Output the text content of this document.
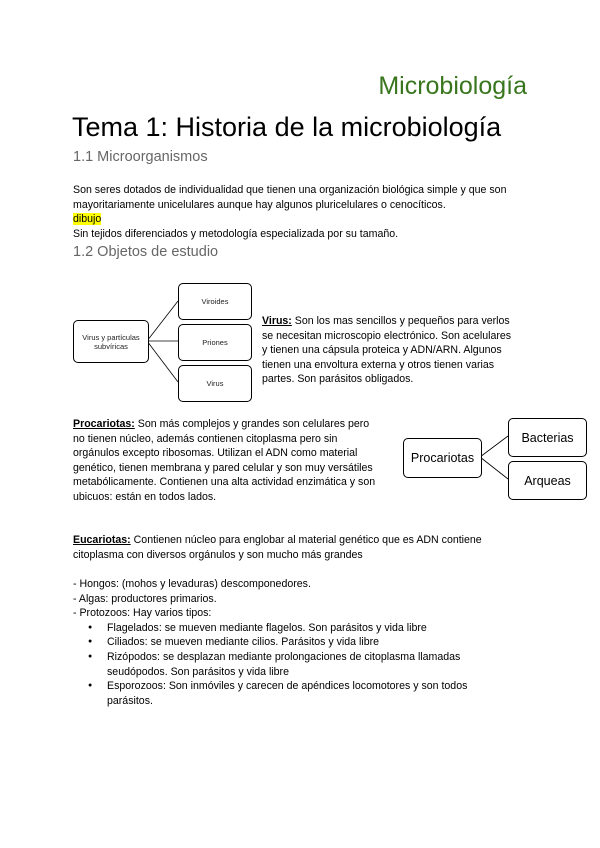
Microbiología
Tema 1: Historia de la microbiología
1.1 Microorganismos
Son seres dotados de individualidad que tienen una organización biológica simple y que son
mayoritariamente unicelulares aunque hay algunos pluricelulares o cenocíticos.
dibujo
Sin tejidos diferenciados y metodología especializada por su tamaño.
1.2 Objetos de estudio
Virus y partículas subvíricas
Viroides
Priones
Virus
Virus: Son los mas sencillos y pequeños para verlos
se necesitan microscopio electrónico. Son acelulares
y tienen una cápsula proteica y ADN/ARN. Algunos
tienen una envoltura externa y otros tienen varias
partes. Son parásitos obligados.
Procariotas: Son más complejos y grandes son celulares pero
no tienen núcleo, además contienen citoplasma pero sin
orgánulos excepto ribosomas. Utilizan el ADN como material
genético, tienen membrana y pared celular y son muy versátiles
metabólicamente. Contienen una alta actividad enzimática y son
ubicuos: están en todos lados.
Procariotas
Bacterias
Arqueas
Eucariotas: Contienen núcleo para englobar al material genético que es ADN contiene
citoplasma con diversos orgánulos y son mucho más grandes
- Hongos: (mohos y levaduras) descomponedores.
- Algas: productores primarios.
- Protozoos: Hay varios tipos:
● Flagelados: se mueven mediante flagelos. Son parásitos y vida libre
● Ciliados: se mueven mediante cilios. Parásitos y vida libre
● Rizópodos: se desplazan mediante prolongaciones de citoplasma llamadas
seudópodos. Son parásitos y vida libre
● Esporozoos: Son inmóviles y carecen de apéndices locomotores y son todos
parásitos.
